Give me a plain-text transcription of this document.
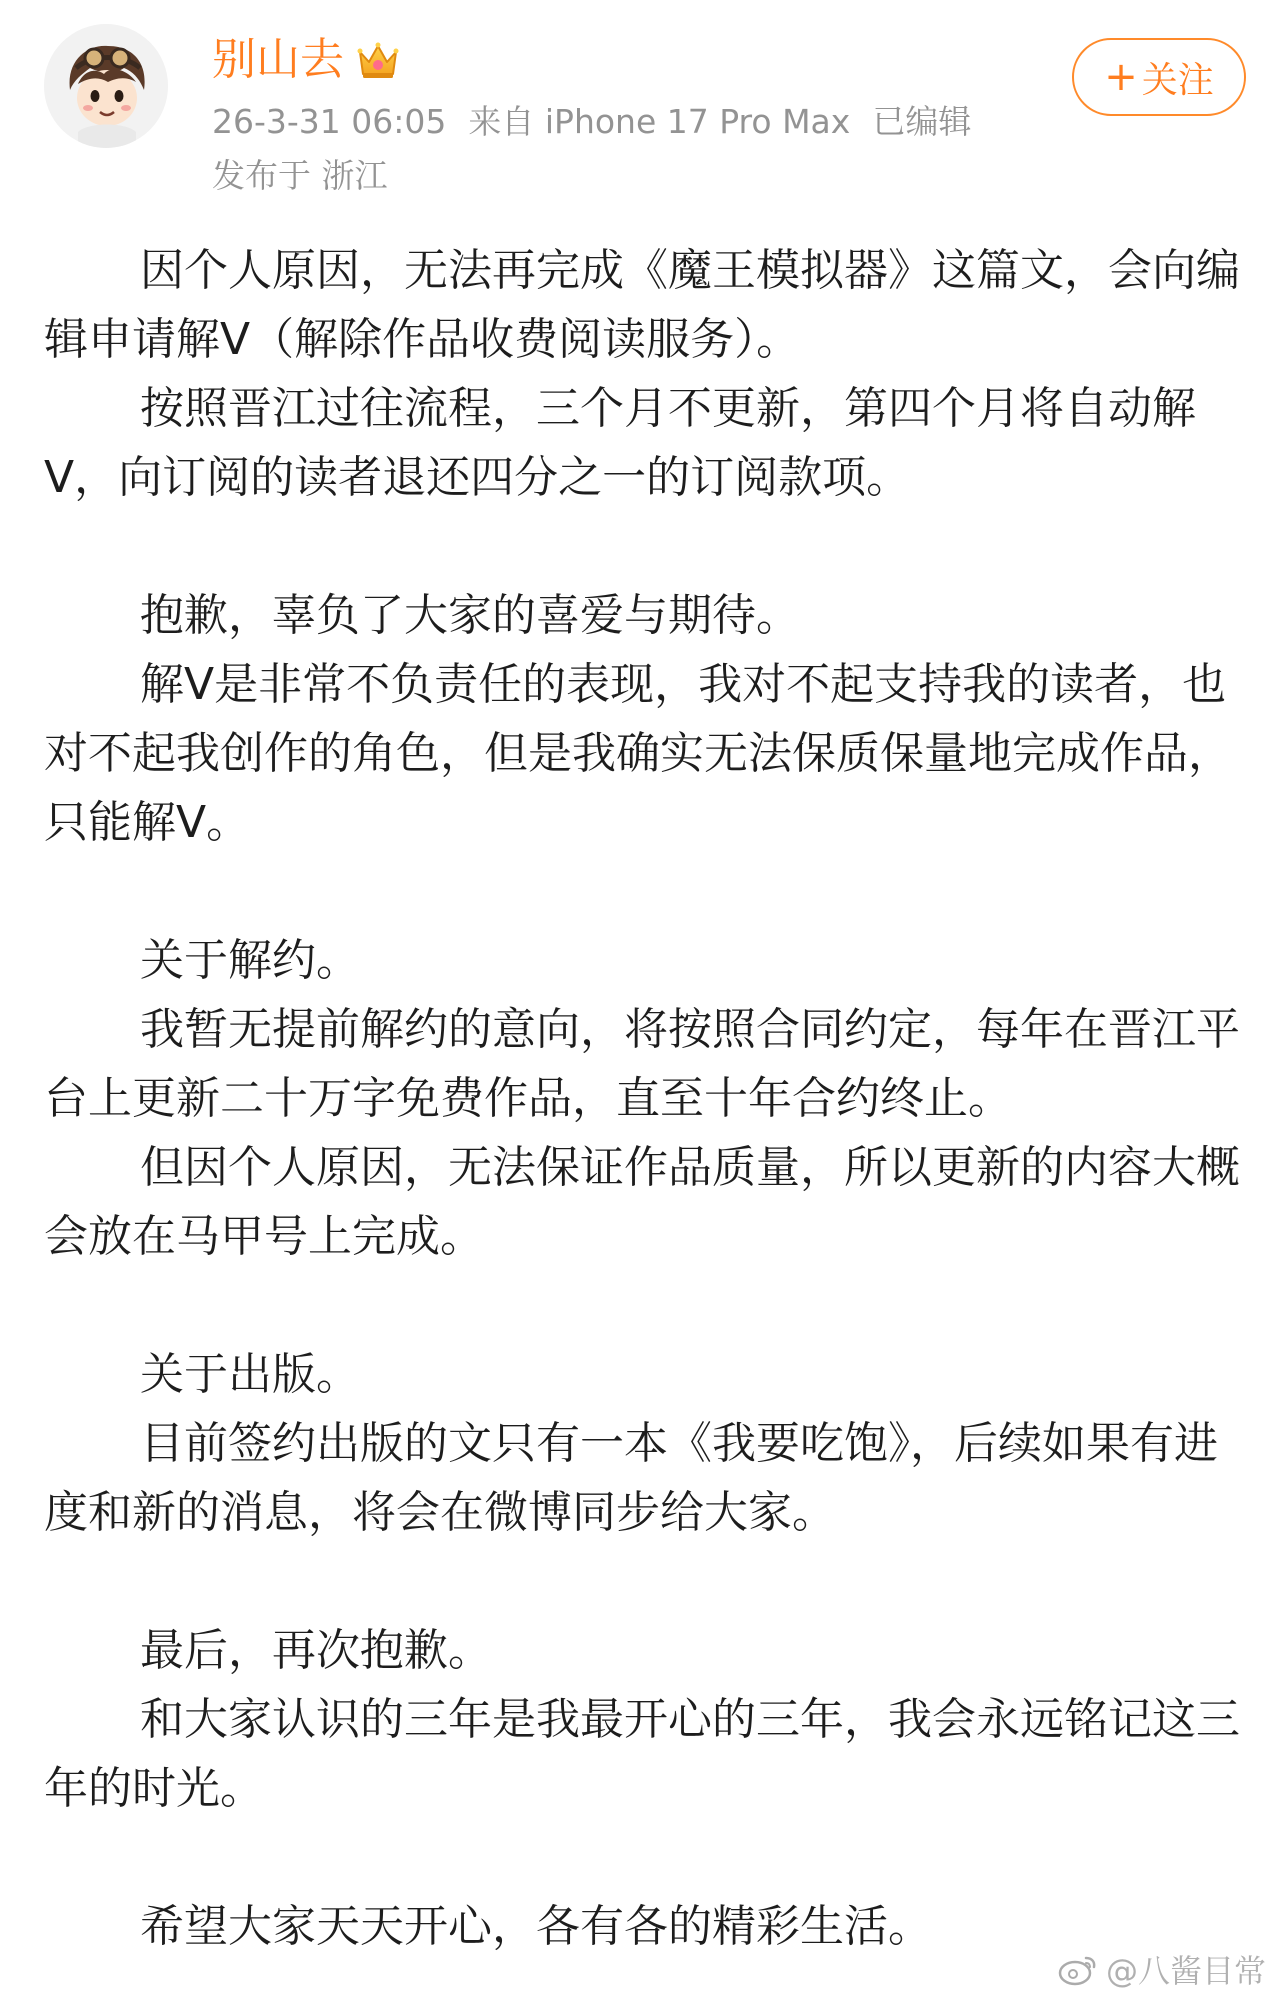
别山去
26-3-31 06:05 来自 iPhone 17 Pro Max 已编辑
发布于 浙江
+ 关注

因个人原因，无法再完成《魔王模拟器》这篇文，会向编辑申请解V（解除作品收费阅读服务）。

按照晋江过往流程，三个月不更新，第四个月将自动解V，向订阅的读者退还四分之一的订阅款项。

抱歉，辜负了大家的喜爱与期待。

解V是非常不负责任的表现，我对不起支持我的读者，也对不起我创作的角色，但是我确实无法保质保量地完成作品，只能解V。

关于解约。

我暂无提前解约的意向，将按照合同约定，每年在晋江平台上更新二十万字免费作品，直至十年合约终止。

但因个人原因，无法保证作品质量，所以更新的内容大概会放在马甲号上完成。

关于出版。

目前签约出版的文只有一本《我要吃饱》，后续如果有进度和新的消息，将会在微博同步给大家。

最后，再次抱歉。

和大家认识的三年是我最开心的三年，我会永远铭记这三年的时光。

希望大家天天开心，各有各的精彩生活。

@八酱目常
